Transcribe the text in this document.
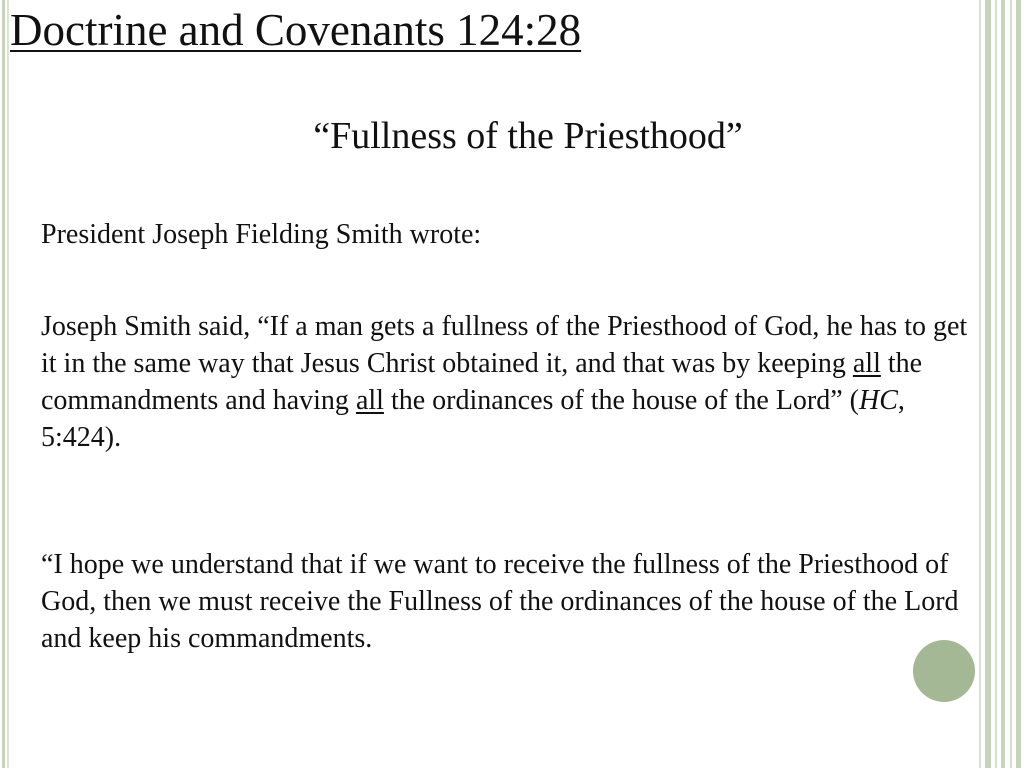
Doctrine and Covenants 124:28
“Fullness of the Priesthood”
President Joseph Fielding Smith wrote:
Joseph Smith said, “If a man gets a fullness of the Priesthood of God, he has to get it in the same way that Jesus Christ obtained it, and that was by keeping all the commandments and having all the ordinances of the house of the Lord” (HC, 5:424).
“I hope we understand that if we want to receive the fullness of the Priesthood of God, then we must receive the Fullness of the ordinances of the house of the Lord and keep his commandments.
